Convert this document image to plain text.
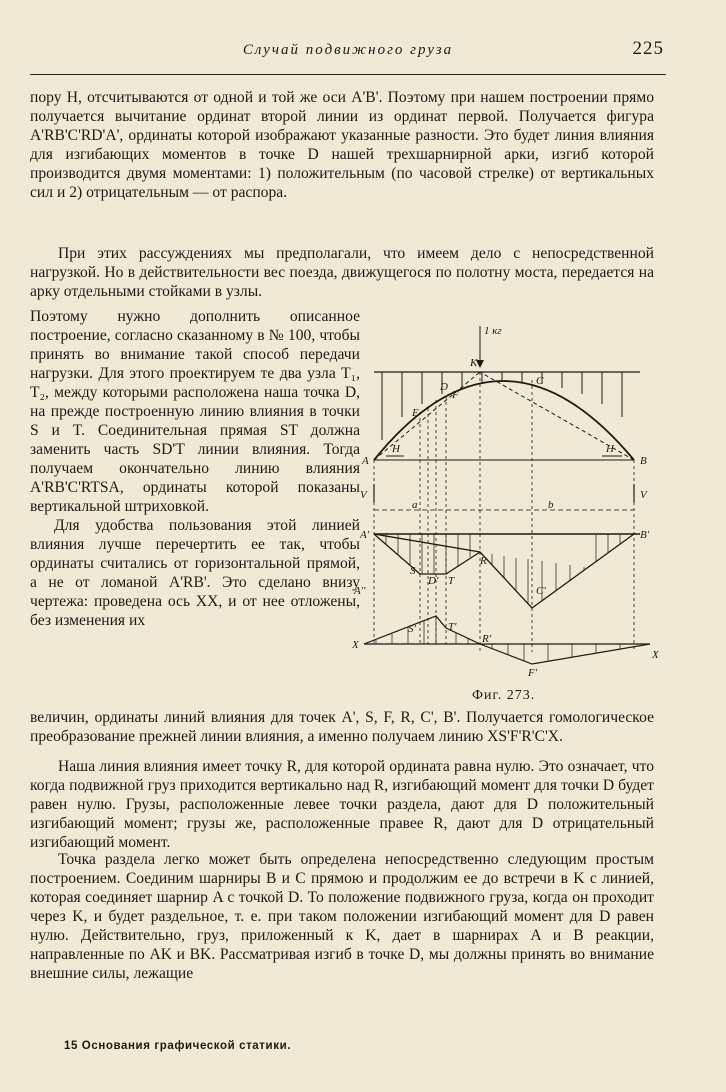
Случай подвижного груза	225

пору H, отсчитываются от одной и той же оси A'B'. Поэтому при нашем построении прямо получается вычитание ординат второй линии из ординат первой. Получается фигура A'RB'C'RD'A', ординаты которой изображают указанные разности. Это будет линия влияния для изгибающих моментов в точке D нашей трехшарнирной арки, изгиб которой производится двумя моментами: 1) положительным (по часовой стрелке) от вертикальных сил и 2) отрицательным — от распора.

При этих рассуждениях мы предполагали, что имеем дело с непосредственной нагрузкой. Но в действительности вес поезда, движущегося по полотну моста, передается на арку отдельными стойками в узлы.

Поэтому нужно дополнить описанное построение, согласно сказанному в № 100, чтобы принять во внимание такой способ передачи нагрузки. Для этого проектируем те два узла T₁, T₂, между которыми расположена наша точка D, на прежде построенную линию влияния в точки S и T. Соединительная прямая ST должна заменить часть SD'T линии влияния. Тогда получаем окончательно линию влияния A'RB'C'RTSA, ординаты которой показаны вертикальной штриховкой.

Для удобства пользования этой линией влияния лучше перечертить ее так, чтобы ординаты считались от горизонтальной прямой, а не от ломаной A'RB'. Это сделано внизу чертежа: проведена ось XX, и от нее отложены, без изменения их

1 кг
K
D
F
C
E
H	H
A	B
V	V
a	b
A'	B'
R
S
D' T
C'
A''
S'	T'
R'
X
X
F'
Фиг. 273.

величин, ординаты линий влияния для точек A', S, F, R, C', B'. Получается гомологическое преобразование прежней линии влияния, а именно получаем линию XS'F'R'C'X.

Наша линия влияния имеет точку R, для которой ордината равна нулю. Это означает, что когда подвижной груз приходится вертикально над R, изгибающий момент для точки D будет равен нулю. Грузы, расположенные левее точки раздела, дают для D положительный изгибающий момент; грузы же, расположенные правее R, дают для D отрицательный изгибающий момент.

Точка раздела легко может быть определена непосредственно следующим простым построением. Соединим шарниры B и C прямою и продолжим ее до встречи в K с линией, которая соединяет шарнир A с точкой D. То положение подвижного груза, когда он проходит через K, и будет раздельное, т. е. при таком положении изгибающий момент для D равен нулю. Действительно, груз, приложенный к K, дает в шарнирах A и B реакции, направленные по AK и BK. Рассматривая изгиб в точке D, мы должны принять во внимание внешние силы, лежащие

15 Основания графической статики.
